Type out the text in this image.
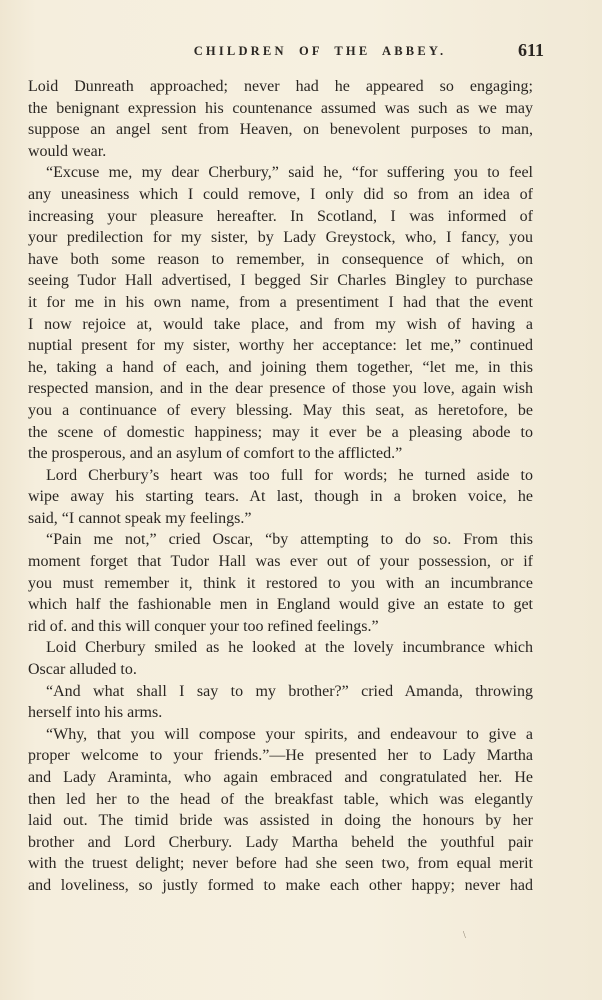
CHILDREN OF THE ABBEY.	611

Loid Dunreath approached; never had he appeared so engaging;

the benignant expression his countenance assumed was such as we may

suppose an angel sent from Heaven, on benevolent purposes to man,

would wear.

“Excuse me, my dear Cherbury,” said he, “for suffering you to feel

any uneasiness which I could remove, I only did so from an idea of

increasing your pleasure hereafter. In Scotland, I was informed of

your predilection for my sister, by Lady Greystock, who, I fancy, you

have both some reason to remember, in consequence of which, on

seeing Tudor Hall advertised, I begged Sir Charles Bingley to purchase

it for me in his own name, from a presentiment I had that the event

I now rejoice at, would take place, and from my wish of having a

nuptial present for my sister, worthy her acceptance: let me,” continued

he, taking a hand of each, and joining them together, “let me, in this

respected mansion, and in the dear presence of those you love, again wish

you a continuance of every blessing. May this seat, as heretofore, be

the scene of domestic happiness; may it ever be a pleasing abode to

the prosperous, and an asylum of comfort to the afflicted.”

Lord Cherbury’s heart was too full for words; he turned aside to

wipe away his starting tears. At last, though in a broken voice, he

said, “I cannot speak my feelings.”

“Pain me not,” cried Oscar, “by attempting to do so. From this

moment forget that Tudor Hall was ever out of your possession, or if

you must remember it, think it restored to you with an incumbrance

which half the fashionable men in England would give an estate to get

rid of. and this will conquer your too refined feelings.”

Loid Cherbury smiled as he looked at the lovely incumbrance which

Oscar alluded to.

“And what shall I say to my brother?” cried Amanda, throwing

herself into his arms.

“Why, that you will compose your spirits, and endeavour to give a

proper welcome to your friends.”—He presented her to Lady Martha

and Lady Araminta, who again embraced and congratulated her. He

then led her to the head of the breakfast table, which was elegantly

laid out. The timid bride was assisted in doing the honours by her

brother and Lord Cherbury. Lady Martha beheld the youthful pair

with the truest delight; never before had she seen two, from equal merit

and loveliness, so justly formed to make each other happy; never had

\
